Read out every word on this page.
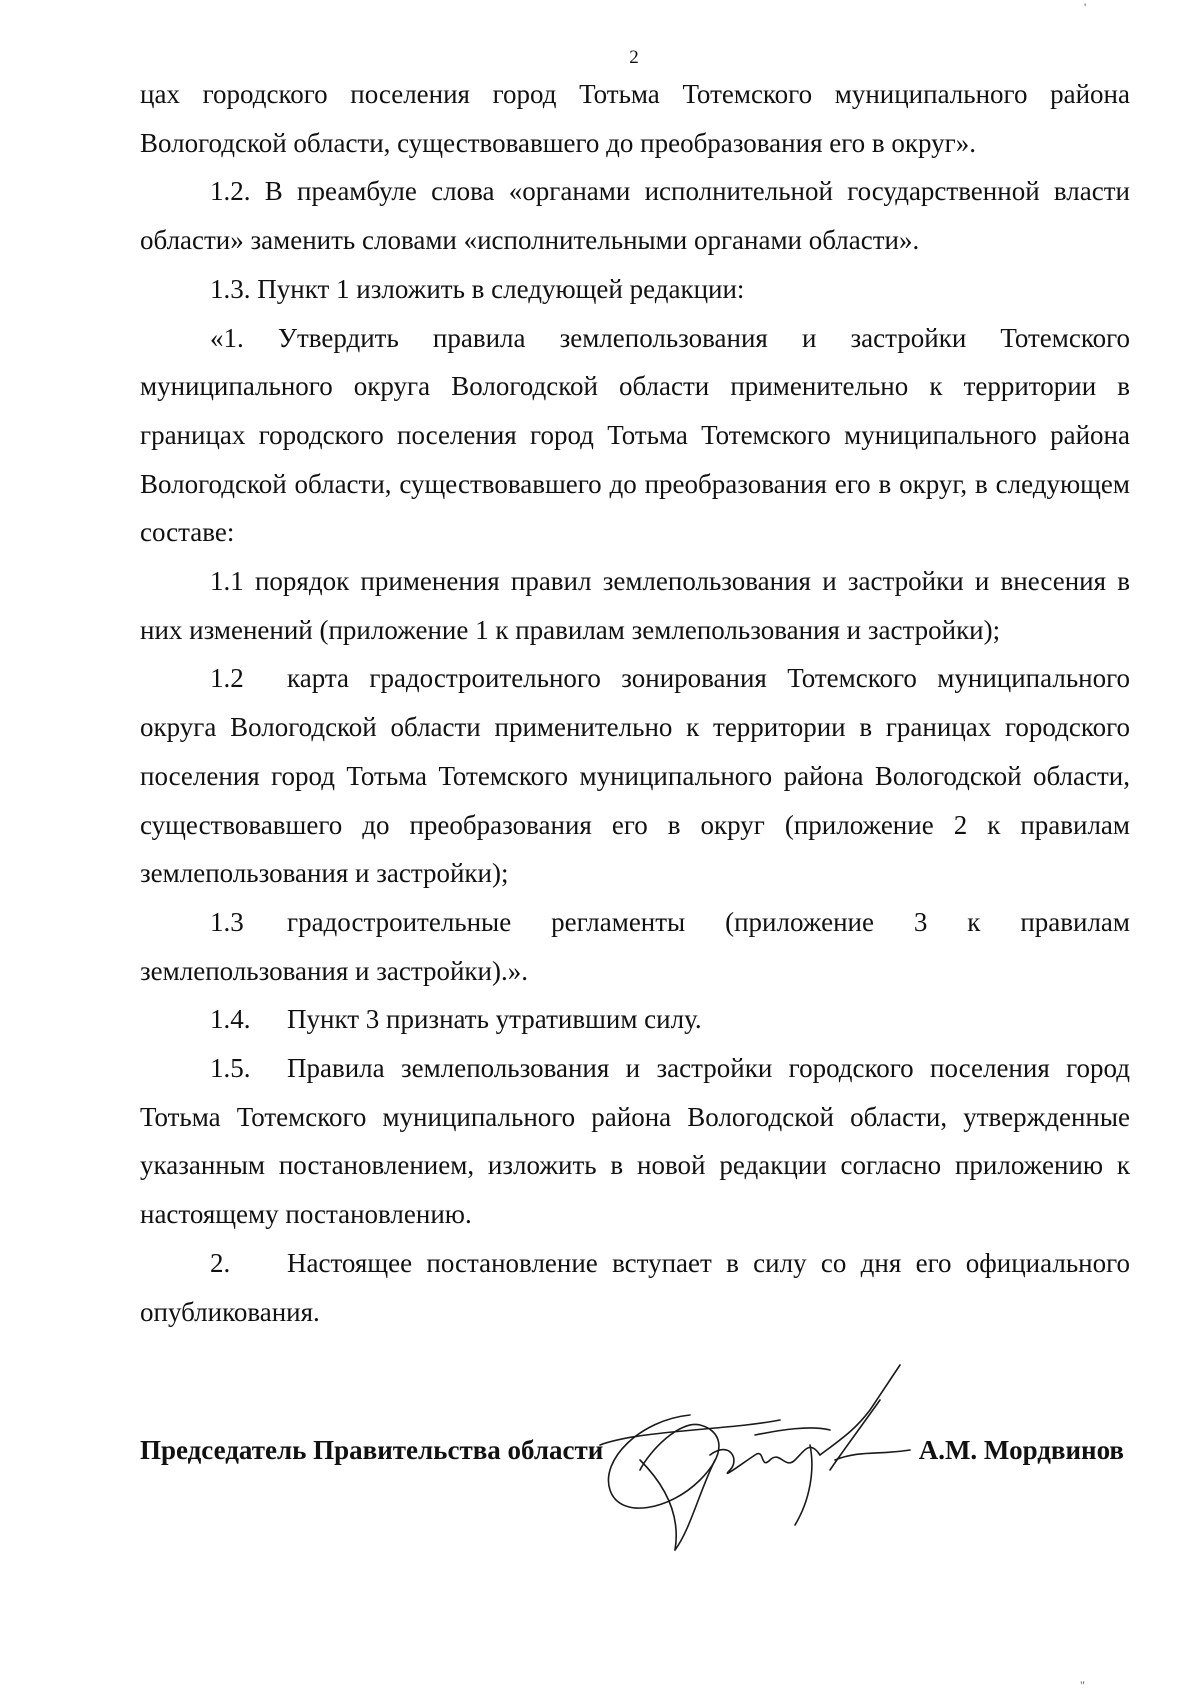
2

цах городского поселения город Тотьма Тотемского муниципального района Вологодской области, существовавшего до преобразования его в округ».

1.2. В преамбуле слова «органами исполнительной государственной власти области» заменить словами «исполнительными органами области».

1.3. Пункт 1 изложить в следующей редакции:

«1. Утвердить правила землепользования и застройки Тотемского муниципального округа Вологодской области применительно к территории в границах городского поселения город Тотьма Тотемского муниципального района Вологодской области, существовавшего до преобразования его в округ, в следующем составе:

1.1 порядок применения правил землепользования и застройки и внесения в них изменений (приложение 1 к правилам землепользования и застройки);

1.2 карта градостроительного зонирования Тотемского муниципального округа Вологодской области применительно к территории в границах городского поселения город Тотьма Тотемского муниципального района Вологодской области, существовавшего до преобразования его в округ (приложение 2 к правилам землепользования и застройки);

1.3 градостроительные регламенты (приложение 3 к правилам землепользования и застройки).».

1.4. Пункт 3 признать утратившим силу.

1.5. Правила землепользования и застройки городского поселения город Тотьма Тотемского муниципального района Вологодской области, утвержденные указанным постановлением, изложить в новой редакции согласно приложению к настоящему постановлению.

2. Настоящее постановление вступает в силу со дня его официального опубликования.

Председатель Правительства области	А.М. Мордвинов
'
"
